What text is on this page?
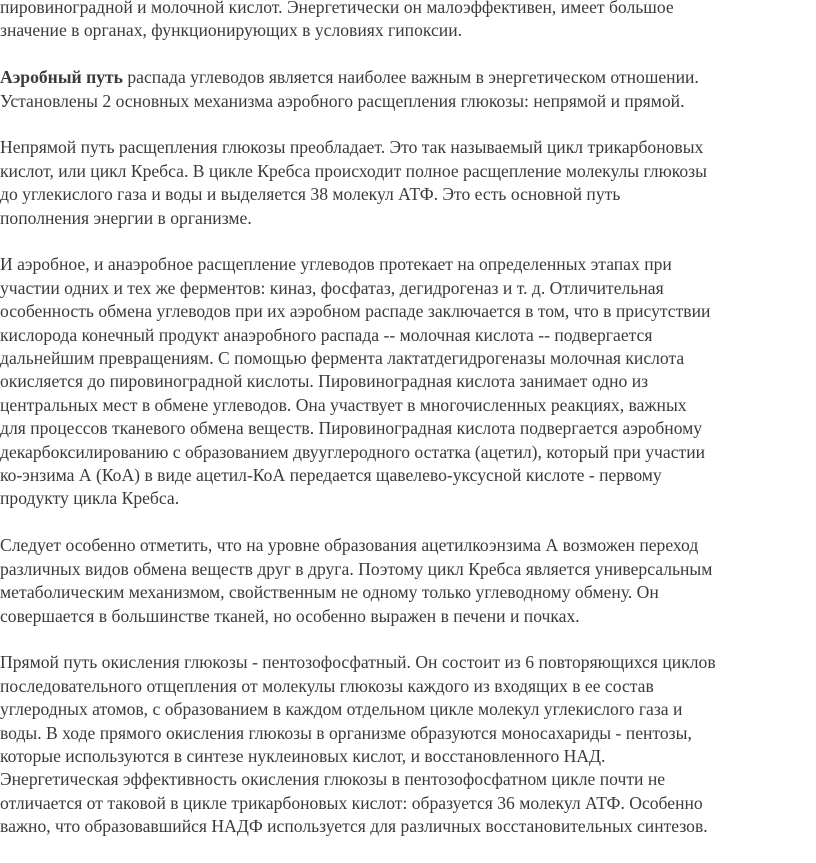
пировиноградной и молочной кислот. Энергетически он малоэффективен, имеет большое
значение в органах, функционирующих в условиях гипоксии.

Аэробный путь распада углеводов является наиболее важным в энергетическом отношении.
Установлены 2 основных механизма аэробного расщепления глюкозы: непрямой и прямой.

Непрямой путь расщепления глюкозы преобладает. Это так называемый цикл трикарбоновых
кислот, или цикл Кребса. В цикле Кребса происходит полное расщепление молекулы глюкозы
до углекислого газа и воды и выделяется 38 молекул АТФ. Это есть основной путь
пополнения энергии в организме.

И аэробное, и анаэробное расщепление углеводов протекает на определенных этапах при
участии одних и тех же ферментов: киназ, фосфатаз, дегидрогеназ и т. д. Отличительная
особенность обмена углеводов при их аэробном распаде заключается в том, что в присутствии
кислорода конечный продукт анаэробного распада -- молочная кислота -- подвергается
дальнейшим превращениям. С помощью фермента лактатдегидрогеназы молочная кислота
окисляется до пировиноградной кислоты. Пировиноградная кислота занимает одно из
центральных мест в обмене углеводов. Она участвует в многочисленных реакциях, важных
для процессов тканевого обмена веществ. Пировиноградная кислота подвергается аэробному
декарбоксилированию с образованием двууглеродного остатка (ацетил), который при участии
ко-энзима А (КоА) в виде ацетил-КоА передается щавелево-уксусной кислоте - первому
продукту цикла Кребса.

Следует особенно отметить, что на уровне образования ацетилкоэнзима А возможен переход
различных видов обмена веществ друг в друга. Поэтому цикл Кребса является универсальным
метаболическим механизмом, свойственным не одному только углеводному обмену. Он
совершается в большинстве тканей, но особенно выражен в печени и почках.

Прямой путь окисления глюкозы - пентозофосфатный. Он состоит из 6 повторяющихся циклов
последовательного отщепления от молекулы глюкозы каждого из входящих в ее состав
углеродных атомов, с образованием в каждом отдельном цикле молекул углекислого газа и
воды. В ходе прямого окисления глюкозы в организме образуются моносахариды - пентозы,
которые используются в синтезе нуклеиновых кислот, и восстановленного НАД.
Энергетическая эффективность окисления глюкозы в пентозофосфатном цикле почти не
отличается от таковой в цикле трикарбоновых кислот: образуется 36 молекул АТФ. Особенно
важно, что образовавшийся НАДФ используется для различных восстановительных синтезов.
